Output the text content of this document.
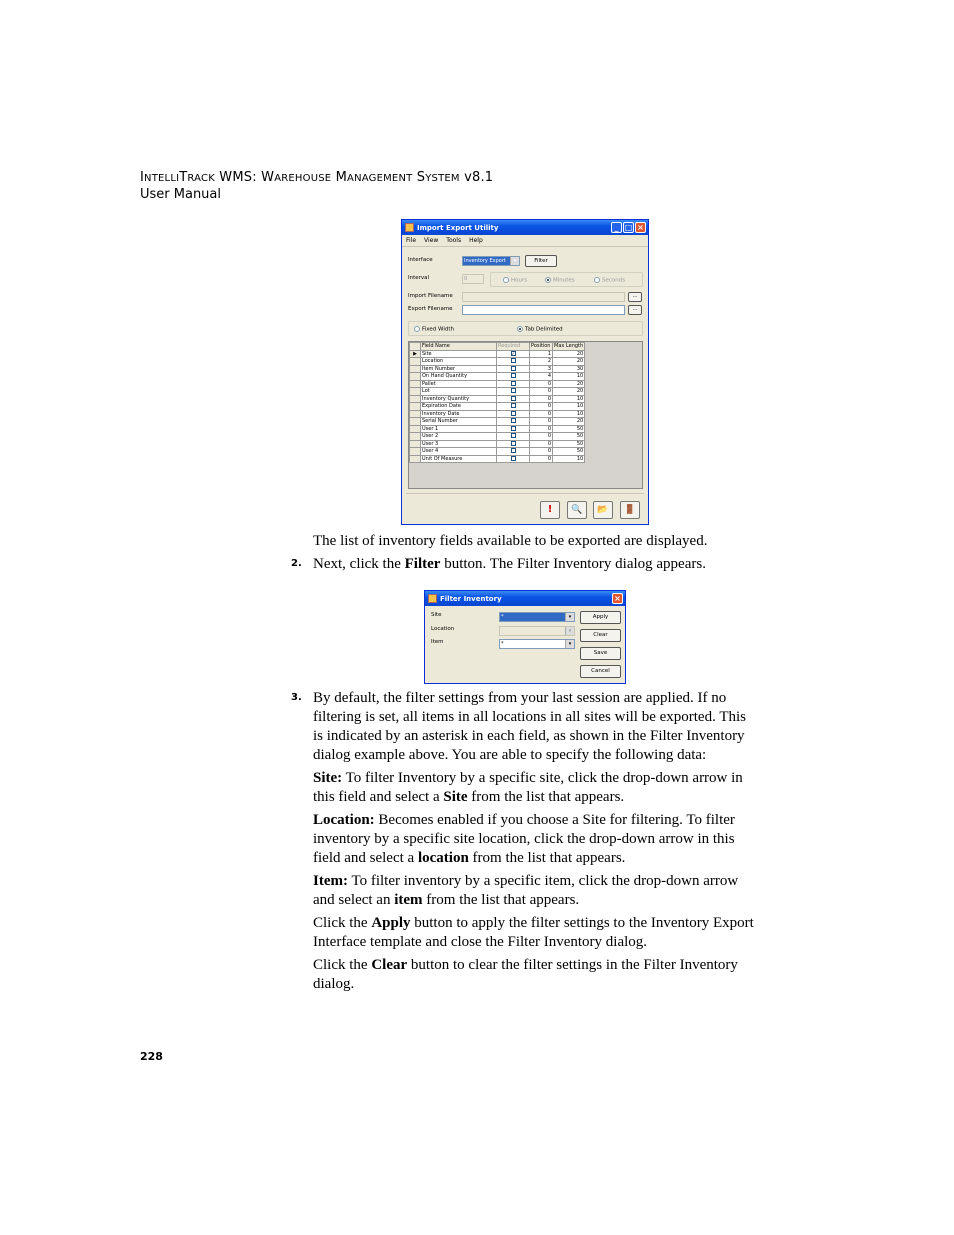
INTELLITRACK WMS: WAREHOUSE MANAGEMENT SYSTEM v8.1
User Manual
Import Export Utility	_ □ ×
File View Tools Help
Interface	Inventory Export	▾	Filter
Interval	0	Hours	Minutes	Seconds
Import Filename	...
Export Filename	...
Fixed Width	Tab Delimited
	Field Name	Required	Position	Max Length
▶	Site	✓	1	20
	Location		2	20
	Item Number		3	30
	On Hand Quantity		4	10
	Pallet		0	20
	Lot		0	20
	Inventory Quantity		0	10
	Expiration Date		0	10
	Inventory Date		0	10
	Serial Number		0	20
	User 1		0	50
	User 2		0	50
	User 3		0	50
	User 4		0	50
	Unit Of Measure		0	10
!	🔍	📂	🚪

The list of inventory fields available to be exported are displayed.

2. Next, click the Filter button. The Filter Inventory dialog appears.

Filter Inventory	×
Site	*	▾
Location	▾
Item	*	▾
Apply
Clear
Save
Cancel
3. By default, the filter settings from your last session are applied. If no filtering is set, all items in all locations in all sites will be exported. This is indicated by an asterisk in each field, as shown in the Filter Inventory dialog example above. You are able to specify the following data:

Site: To filter Inventory by a specific site, click the drop-down arrow in this field and select a Site from the list that appears.

Location: Becomes enabled if you choose a Site for filtering. To filter inventory by a specific site location, click the drop-down arrow in this field and select a location from the list that appears.

Item: To filter inventory by a specific item, click the drop-down arrow and select an item from the list that appears.

Click the Apply button to apply the filter settings to the Inventory Export Interface template and close the Filter Inventory dialog.

Click the Clear button to clear the filter settings in the Filter Inventory dialog.

228
